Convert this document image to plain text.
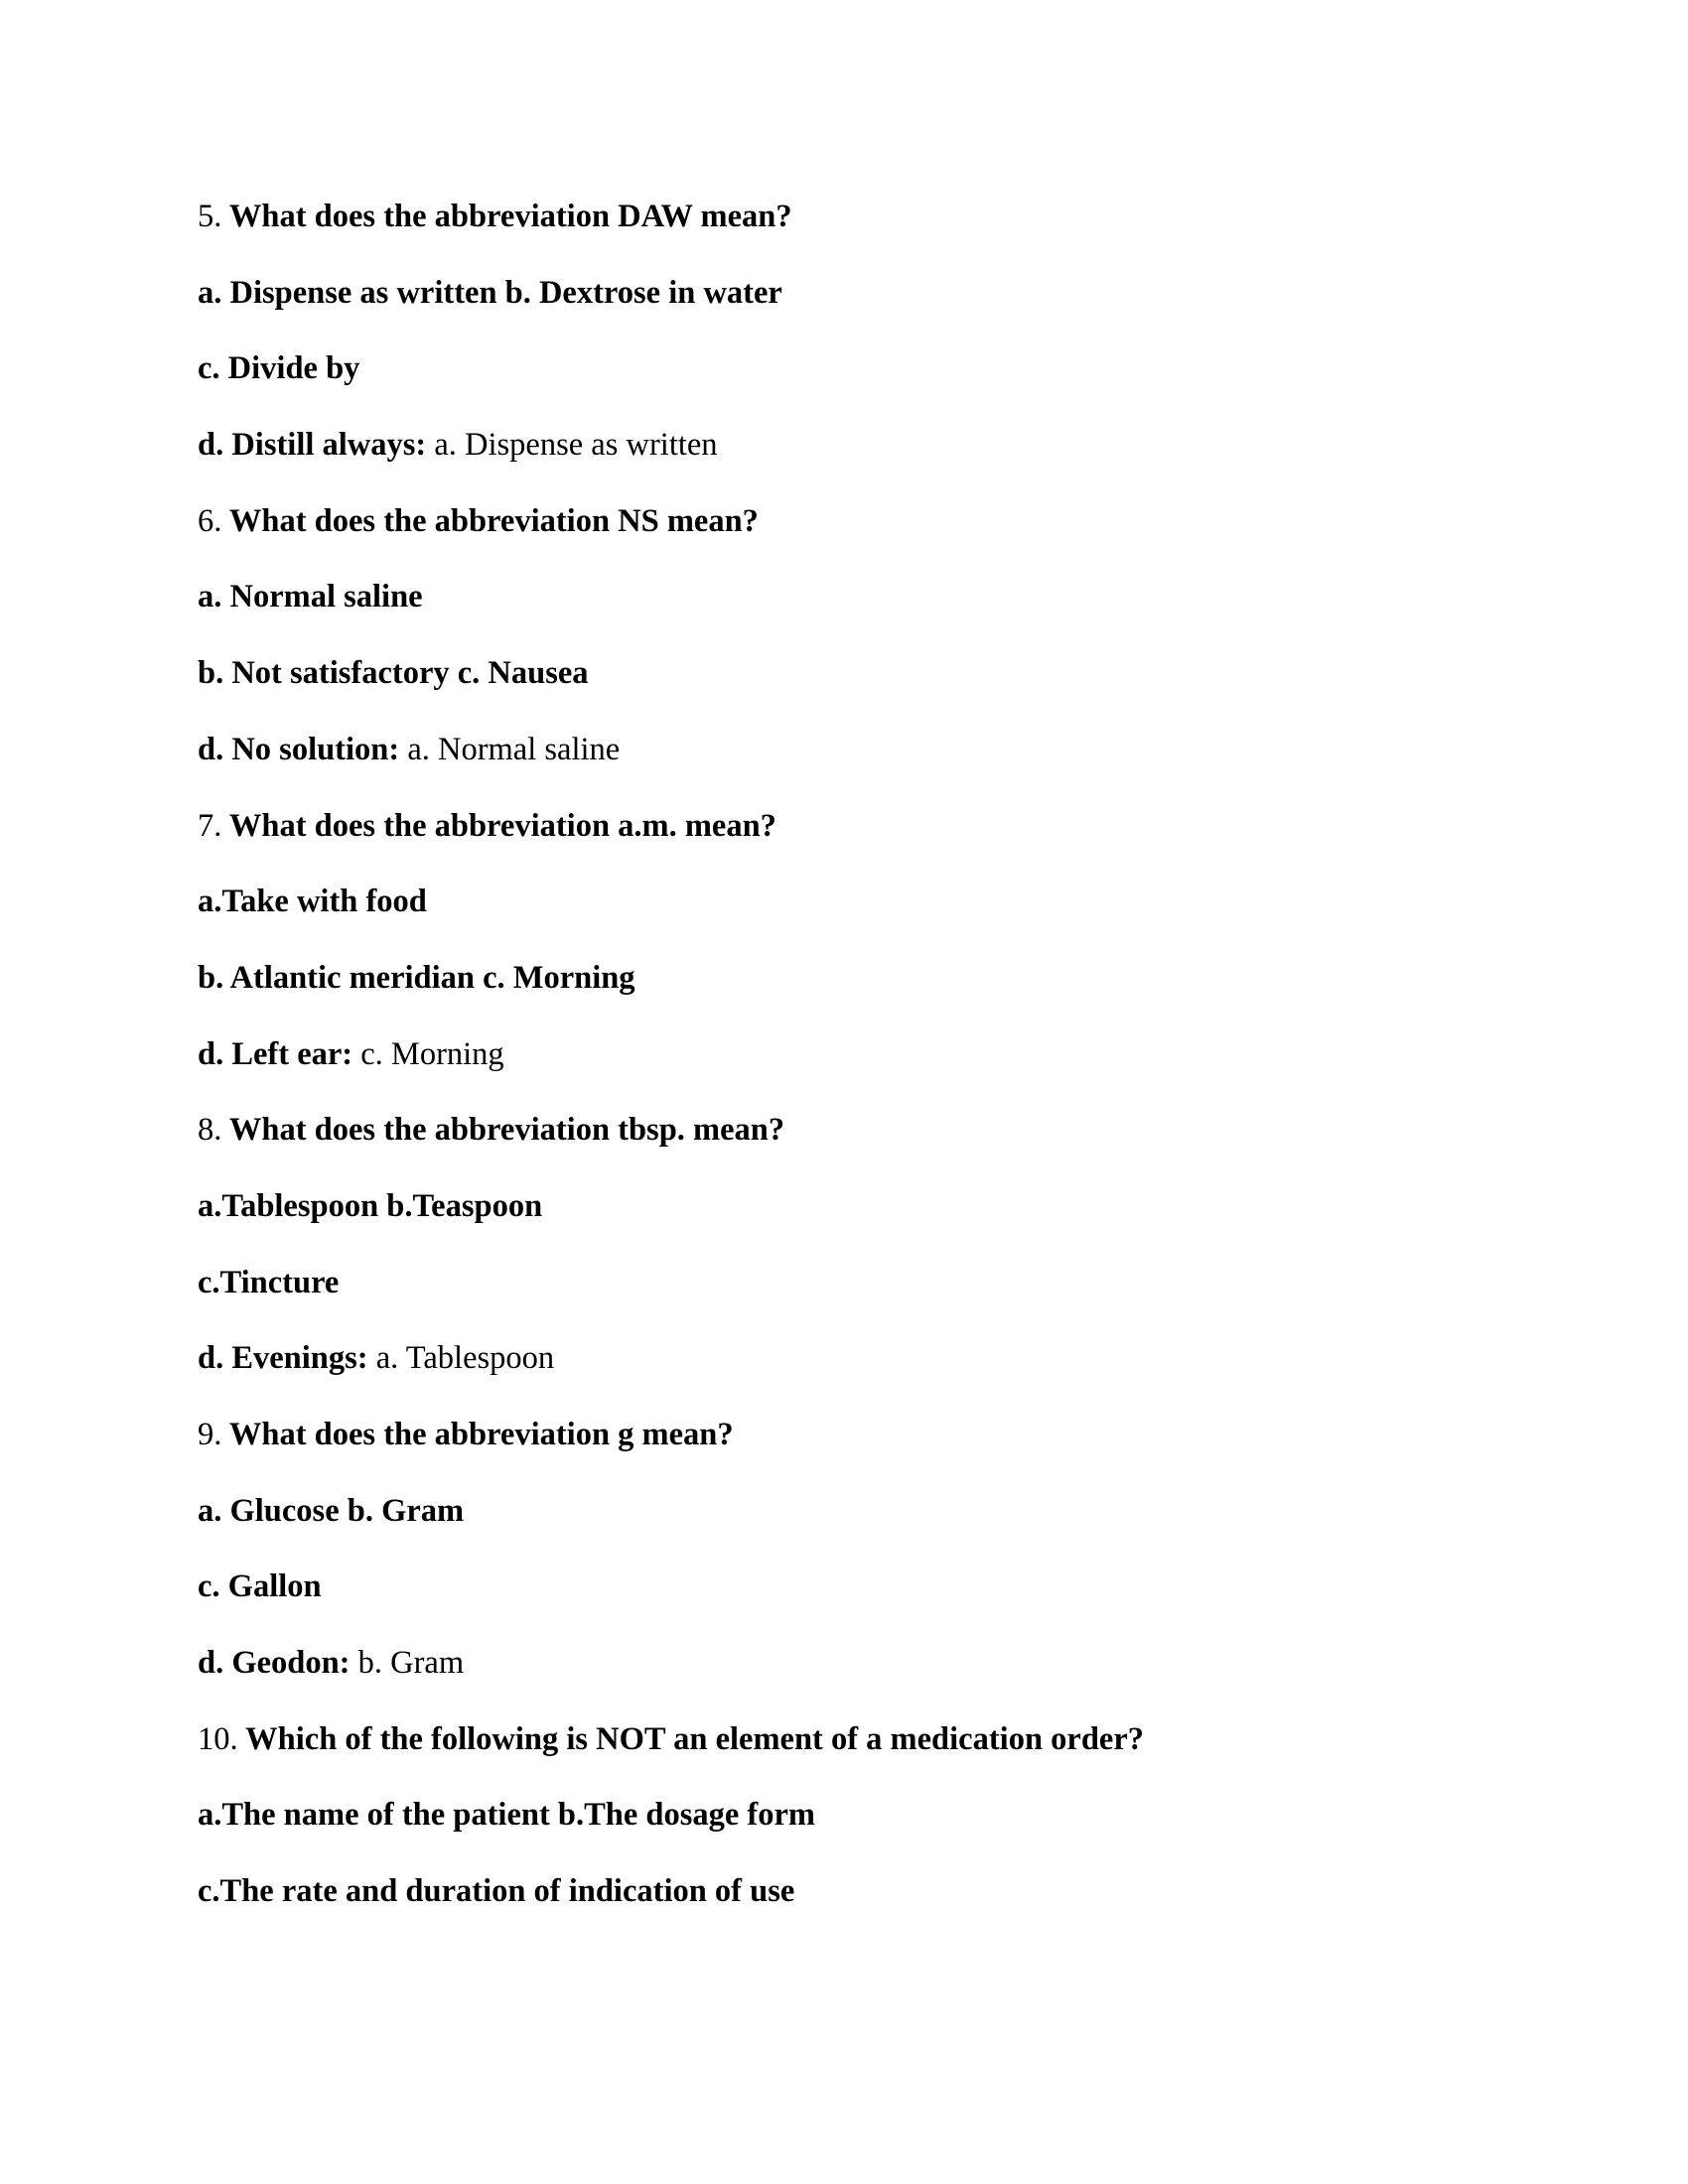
5. What does the abbreviation DAW mean?
a. Dispense as written b. Dextrose in water
c. Divide by
d. Distill always: a. Dispense as written
6. What does the abbreviation NS mean?
a. Normal saline
b. Not satisfactory c. Nausea
d. No solution: a. Normal saline
7. What does the abbreviation a.m. mean?
a.Take with food
b. Atlantic meridian c. Morning
d. Left ear: c. Morning
8. What does the abbreviation tbsp. mean?
a.Tablespoon b.Teaspoon
c.Tincture
d. Evenings: a. Tablespoon
9. What does the abbreviation g mean?
a. Glucose b. Gram
c. Gallon
d. Geodon: b. Gram
10. Which of the following is NOT an element of a medication order?
a.The name of the patient b.The dosage form
c.The rate and duration of indication of use
